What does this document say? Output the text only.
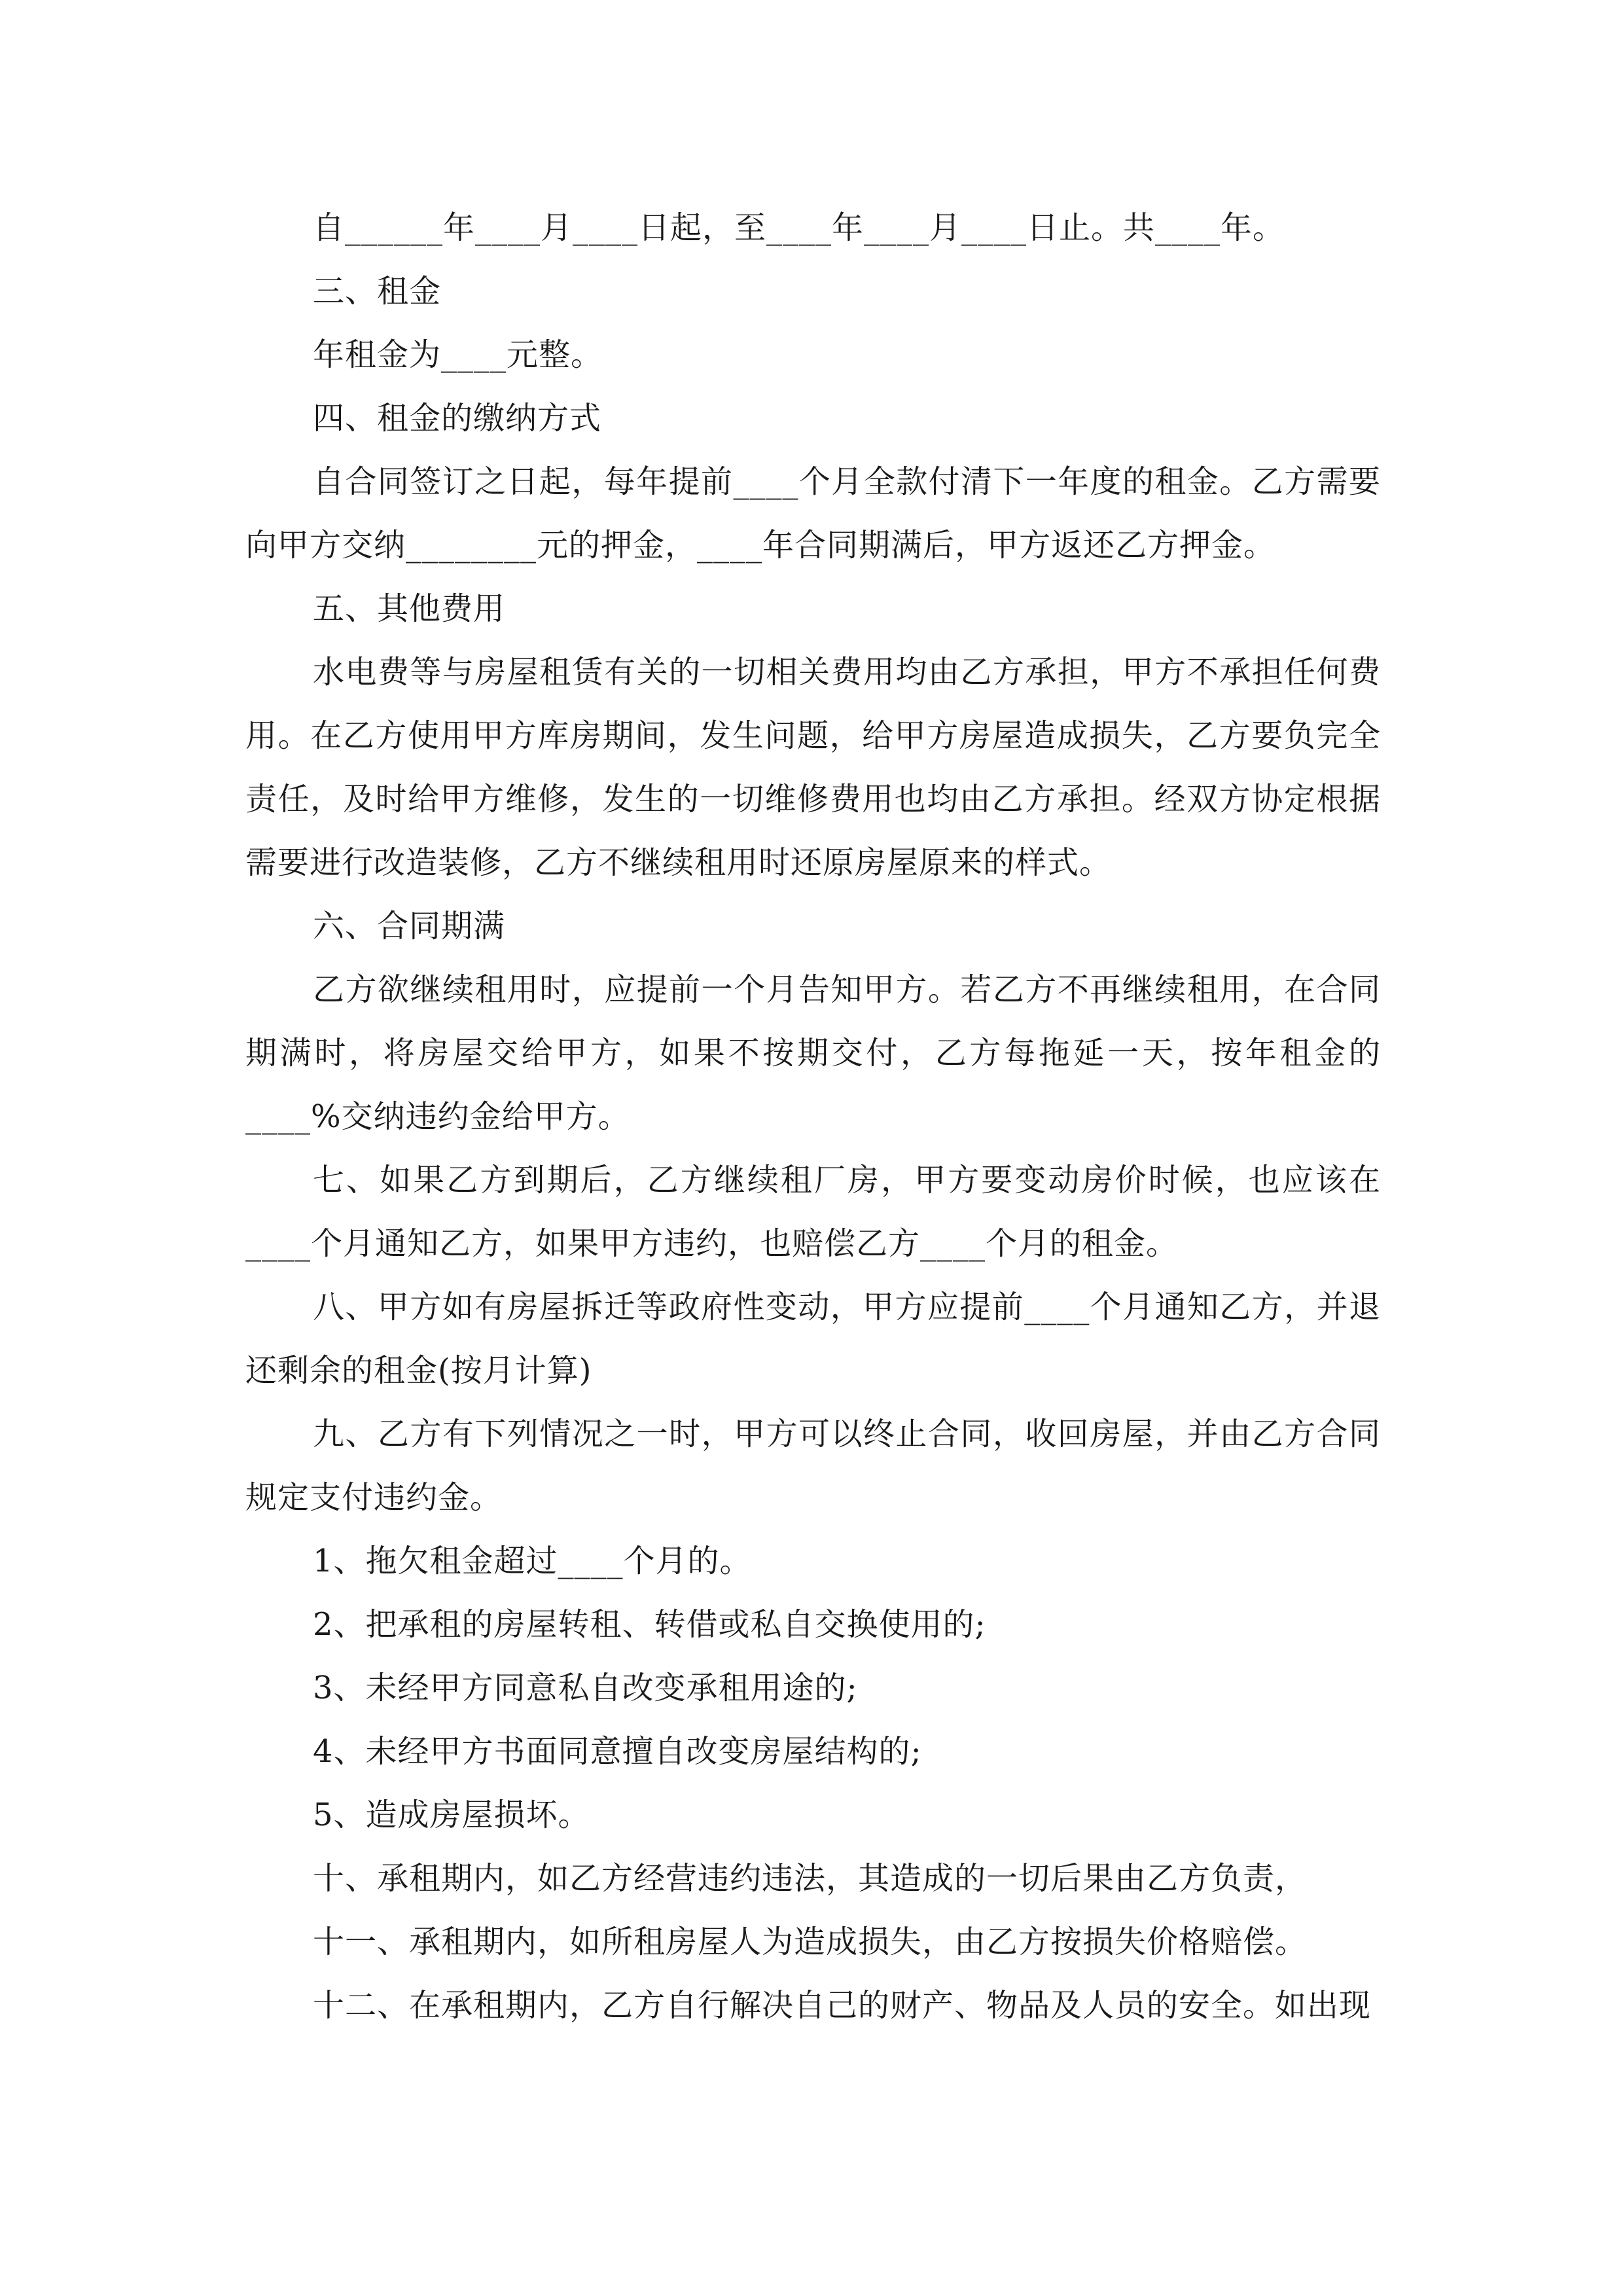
自______年____月____日起，至____年____月____日止。共____年。

三、租金

年租金为____元整。

四、租金的缴纳方式

自合同签订之日起，每年提前____个月全款付清下一年度的租金。乙方需要向甲方交纳________元的押金，____年合同期满后，甲方返还乙方押金。

五、其他费用

水电费等与房屋租赁有关的一切相关费用均由乙方承担，甲方不承担任何费用。在乙方使用甲方库房期间，发生问题，给甲方房屋造成损失，乙方要负完全责任，及时给甲方维修，发生的一切维修费用也均由乙方承担。经双方协定根据需要进行改造装修，乙方不继续租用时还原房屋原来的样式。

六、合同期满

乙方欲继续租用时，应提前一个月告知甲方。若乙方不再继续租用，在合同期满时，将房屋交给甲方，如果不按期交付，乙方每拖延一天，按年租金的____%交纳违约金给甲方。

七、如果乙方到期后，乙方继续租厂房，甲方要变动房价时候，也应该在____个月通知乙方，如果甲方违约，也赔偿乙方____个月的租金。

八、甲方如有房屋拆迁等政府性变动，甲方应提前____个月通知乙方，并退还剩余的租金(按月计算)

九、乙方有下列情况之一时，甲方可以终止合同，收回房屋，并由乙方合同规定支付违约金。

1、拖欠租金超过____个月的。

2、把承租的房屋转租、转借或私自交换使用的;

3、未经甲方同意私自改变承租用途的;

4、未经甲方书面同意擅自改变房屋结构的;

5、造成房屋损坏。

十、承租期内，如乙方经营违约违法，其造成的一切后果由乙方负责，

十一、承租期内，如所租房屋人为造成损失，由乙方按损失价格赔偿。

十二、在承租期内，乙方自行解决自己的财产、物品及人员的安全。如出现
